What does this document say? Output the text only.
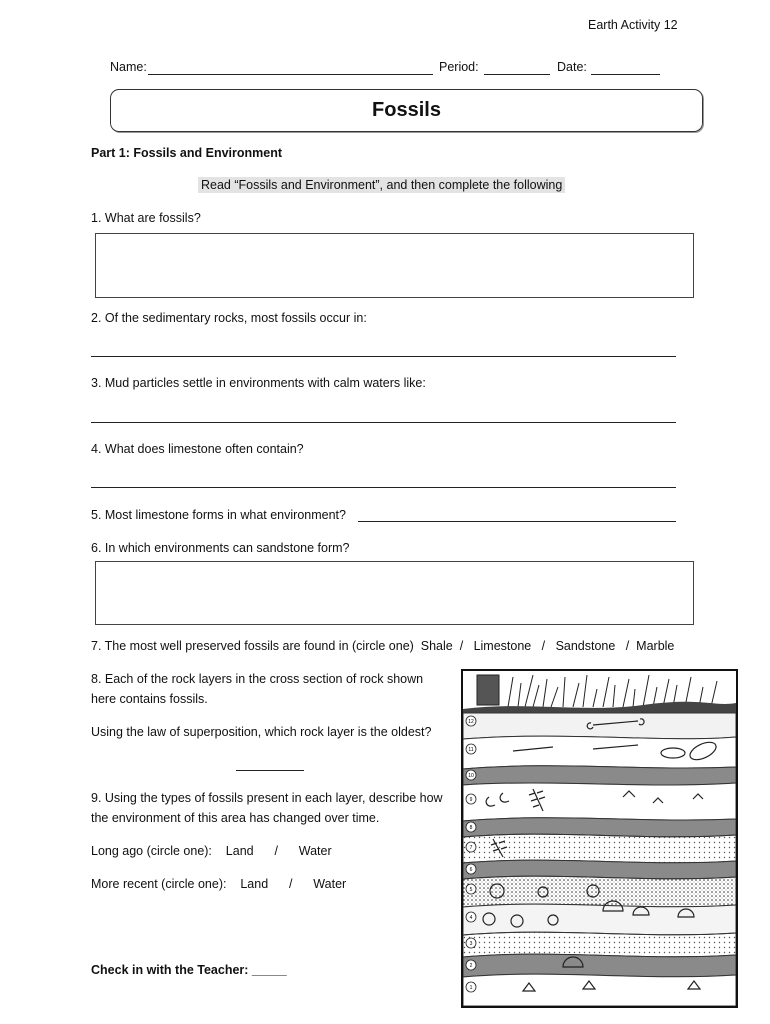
Earth Activity 12
Name:	Period:	Date:
Fossils
Part 1: Fossils and Environment
Read “Fossils and Environment”, and then complete the following
1. What are fossils?
2. Of the sedimentary rocks, most fossils occur in:
3. Mud particles settle in environments with calm waters like:
4. What does limestone often contain?
5. Most limestone forms in what environment?
6. In which environments can sandstone form?
7. The most well preserved fossils are found in (circle one)  Shale  /   Limestone   /   Sandstone   /  Marble
8. Each of the rock layers in the cross section of rock shown
here contains fossils.
Using the law of superposition, which rock layer is the oldest?
9. Using the types of fossils present in each layer, describe how
the environment of this area has changed over time.
Long ago (circle one):    Land      /      Water
More recent (circle one):    Land      /      Water
Check in with the Teacher: _____
12
11
10
9
8
7
6
5
4
3
2
1
